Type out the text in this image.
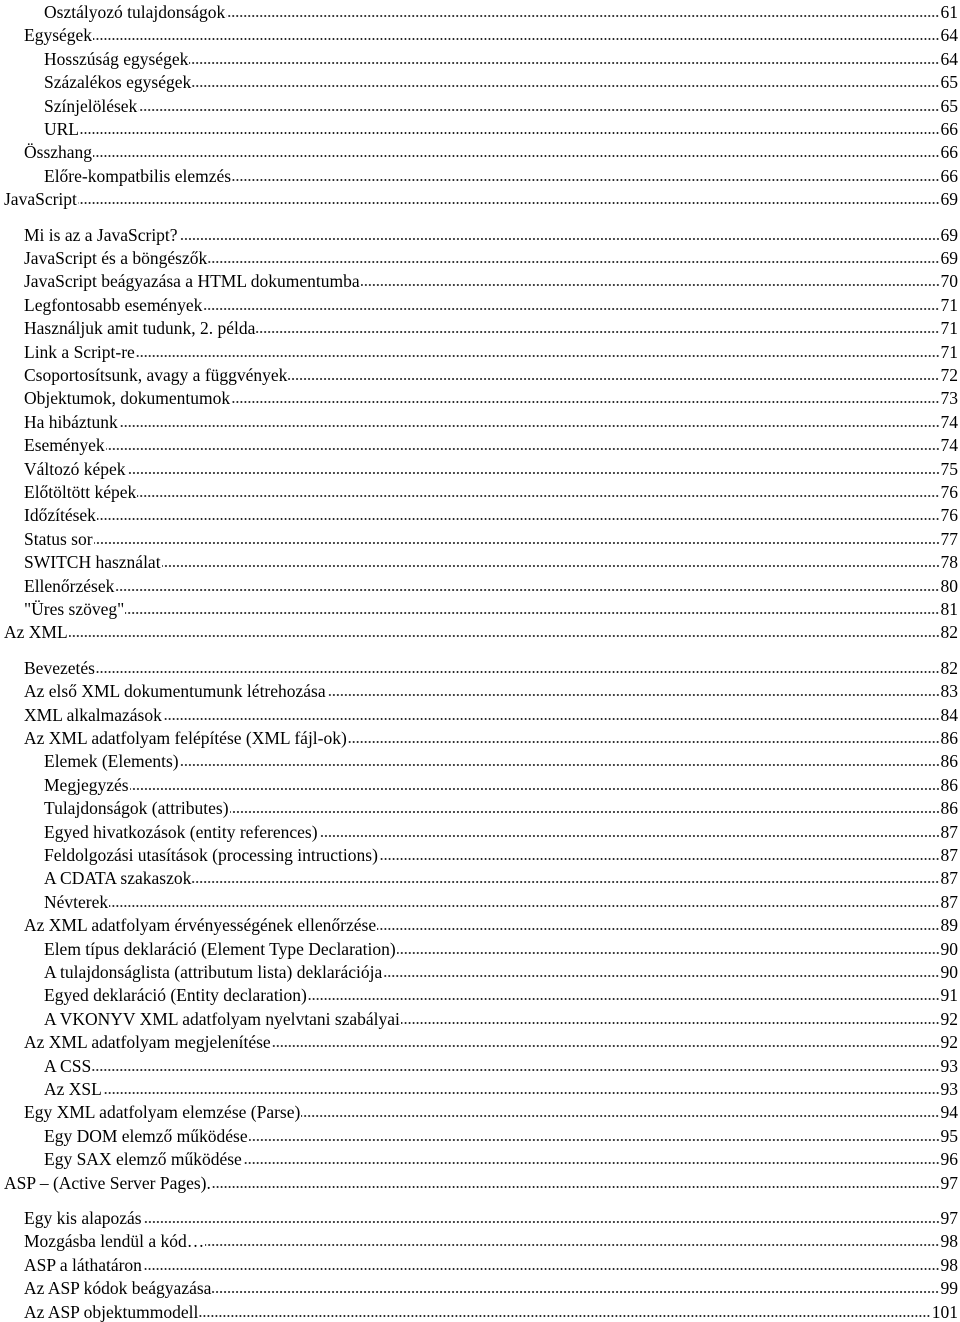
Osztályozó tulajdonságok	61
Egységek	64
Hosszúság egységek	64
Százalékos egységek	65
Színjelölések	65
URL	66
Összhang	66
Előre-kompatbilis elemzés	66
JavaScript	69
Mi is az a JavaScript?	69
JavaScript és a böngészők	69
JavaScript beágyazása a HTML dokumentumba	70
Legfontosabb események	71
Használjuk amit tudunk, 2. példa	71
Link a Script-re	71
Csoportosítsunk, avagy a függvények	72
Objektumok, dokumentumok	73
Ha hibáztunk	74
Események	74
Változó képek	75
Előtöltött képek	76
Időzítések	76
Status sor	77
SWITCH használat	78
Ellenőrzések	80
"Üres szöveg"	81
Az XML	82
Bevezetés	82
Az első XML dokumentumunk létrehozása	83
XML alkalmazások	84
Az XML adatfolyam felépítése (XML fájl-ok)	86
Elemek (Elements)	86
Megjegyzés	86
Tulajdonságok (attributes)	86
Egyed hivatkozások (entity references)	87
Feldolgozási utasítások (processing intructions)	87
A CDATA szakaszok	87
Névterek	87
Az XML adatfolyam érvényességének ellenőrzése	89
Elem típus deklaráció (Element Type Declaration)	90
A tulajdonságlista (attributum lista) deklarációja	90
Egyed deklaráció (Entity declaration)	91
A VKONYV XML adatfolyam nyelvtani szabályai	92
Az XML adatfolyam megjelenítése	92
A CSS	93
Az XSL	93
Egy XML adatfolyam elemzése (Parse)	94
Egy DOM elemző működése	95
Egy SAX elemző működése	96
ASP – (Active Server Pages).	97
Egy kis alapozás	97
Mozgásba lendül a kód…	98
ASP a láthatáron	98
Az ASP kódok beágyazása	99
Az ASP objektummodell	101
